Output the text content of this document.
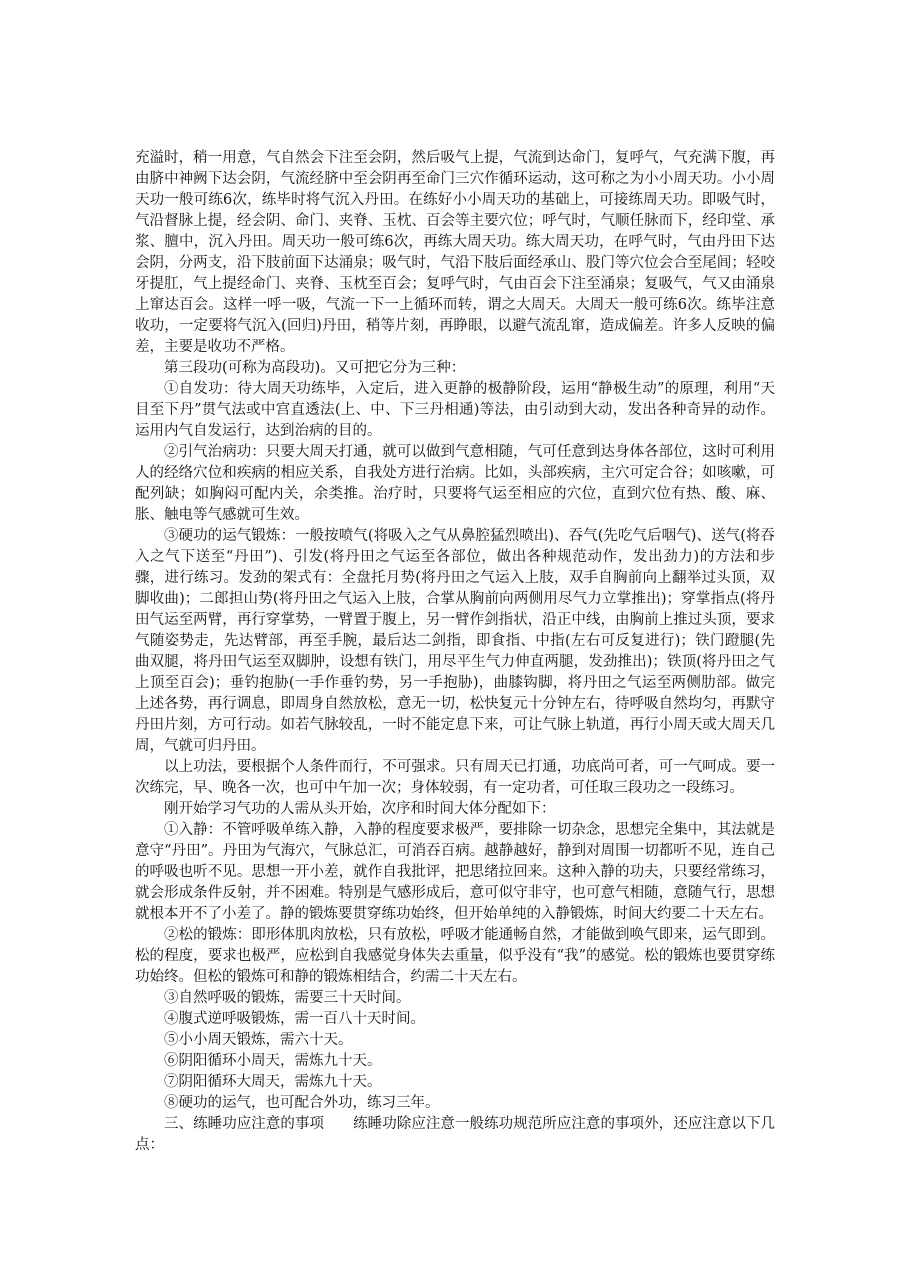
充溢时，稍一用意，气自然会下注至会阴，然后吸气上提，气流到达命门，复呼气，气充满下腹，再由脐中神阙下达会阴，气流经脐中至会阴再至命门三穴作循环运动，这可称之为小小周天功。小小周天功一般可练6次，练毕时将气沉入丹田。在练好小小周天功的基础上，可接练周天功。即吸气时，气沿督脉上提，经会阴、命门、夹脊、玉枕、百会等主要穴位；呼气时，气顺任脉而下，经印堂、承浆、膻中，沉入丹田。周天功一般可练6次，再练大周天功。练大周天功，在呼气时，气由丹田下达会阴，分两支，沿下肢前面下达涌泉；吸气时，气沿下肢后面经承山、股门等穴位会合至尾闾；轻咬牙提肛，气上提经命门、夹脊、玉枕至百会；复呼气时，气由百会下注至涌泉；复吸气，气又由涌泉上窜达百会。这样一呼一吸，气流一下一上循环而转，谓之大周天。大周天一般可练6次。练毕注意收功，一定要将气沉入(回归)丹田，稍等片刻，再睁眼，以避气流乱窜，造成偏差。许多人反映的偏差，主要是收功不严格。

第三段功(可称为高段功)。又可把它分为三种：

①自发功：待大周天功练毕，入定后，进入更静的极静阶段，运用“静极生动”的原理，利用“天目至下丹”贯气法或中宫直透法(上、中、下三丹相通)等法，由引动到大动，发出各种奇异的动作。运用内气自发运行，达到治病的目的。

②引气治病功：只要大周天打通，就可以做到气意相随，气可任意到达身体各部位，这时可利用人的经络穴位和疾病的相应关系，自我处方进行治病。比如，头部疾病，主穴可定合谷；如咳嗽，可配列缺；如胸闷可配内关，余类推。治疗时，只要将气运至相应的穴位，直到穴位有热、酸、麻、胀、触电等气感就可生效。

③硬功的运气锻炼：一般按喷气(将吸入之气从鼻腔猛烈喷出)、吞气(先吃气后咽气)、送气(将吞入之气下送至“丹田”)、引发(将丹田之气运至各部位，做出各种规范动作，发出劲力)的方法和步骤，进行练习。发劲的架式有：全盘托月势(将丹田之气运入上肢，双手自胸前向上翻举过头顶，双脚收曲)；二郎担山势(将丹田之气运入上肢，合掌从胸前向两侧用尽气力立掌推出)；穿掌指点(将丹田气运至两臂，再行穿掌势，一臂置于腹上，另一臂作剑指状，沿正中线，由胸前上推过头顶，要求气随姿势走，先达臂部，再至手腕，最后达二剑指，即食指、中指(左右可反复进行)；铁门蹬腿(先曲双腿，将丹田气运至双脚肿，设想有铁门，用尽平生气力伸直两腿，发劲推出)；铁顶(将丹田之气上顶至百会)；垂钓抱胁(一手作垂钓势，另一手抱胁)，曲膝钩脚，将丹田之气运至两侧肋部。做完上述各势，再行调息，即周身自然放松，意无一切，松快复元十分钟左右，待呼吸自然均匀，再默守丹田片刻，方可行动。如若气脉较乱，一时不能定息下来，可让气脉上轨道，再行小周天或大周天几周，气就可归丹田。

以上功法，要根据个人条件而行，不可强求。只有周天已打通，功底尚可者，可一气呵成。要一次练完，早、晚各一次，也可中午加一次；身体较弱，有一定功者，可任取三段功之一段练习。

刚开始学习气功的人需从头开始，次序和时间大体分配如下：

①入静：不管呼吸单练入静，入静的程度要求极严，要排除一切杂念，思想完全集中，其法就是意守“丹田”。丹田为气海穴，气脉总汇，可消吞百病。越静越好，静到对周围一切都听不见，连自己的呼吸也听不见。思想一开小差，就作自我批评，把思绪拉回来。这种入静的功夫，只要经常练习，就会形成条件反射，并不困难。特别是气感形成后，意可似守非守，也可意气相随，意随气行，思想就根本开不了小差了。静的锻炼要贯穿练功始终，但开始单纯的入静锻炼，时间大约要二十天左右。

②松的锻炼：即形体肌肉放松，只有放松，呼吸才能通畅自然，才能做到唤气即来，运气即到。松的程度，要求也极严，应松到自我感觉身体失去重量，似乎没有“我”的感觉。松的锻炼也要贯穿练功始终。但松的锻炼可和静的锻炼相结合，约需二十天左右。

③自然呼吸的锻炼，需要三十天时间。

④腹式逆呼吸锻炼，需一百八十天时间。

⑤小小周天锻炼，需六十天。

⑥阴阳循环小周天，需炼九十天。

⑦阴阳循环大周天，需炼九十天。

⑧硬功的运气，也可配合外功，练习三年。

三、练睡功应注意的事项　　练睡功除应注意一般练功规范所应注意的事项外，还应注意以下几点：
